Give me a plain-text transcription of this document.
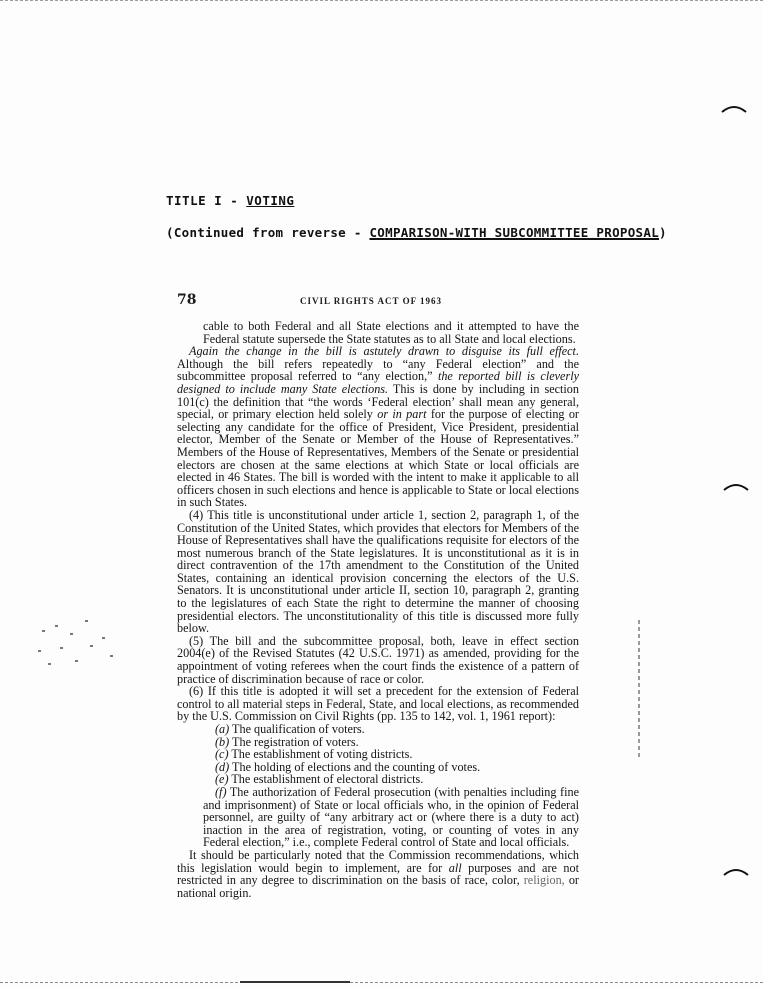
TITLE I - VOTING
(Continued from reverse - COMPARISON-WITH SUBCOMMITTEE PROPOSAL)
78	CIVIL RIGHTS ACT OF 1963

cable to both Federal and all State elections and it attempted to have the Federal statute supersede the State statutes as to all State and local elections.

Again the change in the bill is astutely drawn to disguise its full effect. Although the bill refers repeatedly to “any Federal election” and the subcommittee proposal referred to “any election,” the reported bill is cleverly designed to include many State elections. This is done by including in section 101(c) the definition that “the words ‘Federal election’ shall mean any general, special, or primary election held solely or in part for the purpose of electing or selecting any candidate for the office of President, Vice President, presidential elector, Member of the Senate or Member of the House of Representatives.” Members of the House of Representatives, Members of the Senate or presidential electors are chosen at the same elections at which State or local officials are elected in 46 States. The bill is worded with the intent to make it applicable to all officers chosen in such elections and hence is applicable to State or local elections in such States.

(4) This title is unconstitutional under article 1, section 2, paragraph 1, of the Constitution of the United States, which provides that electors for Members of the House of Representatives shall have the qualifications requisite for electors of the most numerous branch of the State legislatures. It is unconstitutional as it is in direct contravention of the 17th amendment to the Constitution of the United States, containing an identical provision concerning the electors of the U.S. Senators. It is unconstitutional under article II, section 10, paragraph 2, granting to the legislatures of each State the right to determine the manner of choosing presidential electors. The unconstitutionality of this title is discussed more fully below.

(5) The bill and the subcommittee proposal, both, leave in effect section 2004(e) of the Revised Statutes (42 U.S.C. 1971) as amended, providing for the appointment of voting referees when the court finds the existence of a pattern of practice of discrimination because of race or color.

(6) If this title is adopted it will set a precedent for the extension of Federal control to all material steps in Federal, State, and local elections, as recommended by the U.S. Commission on Civil Rights (pp. 135 to 142, vol. 1, 1961 report):

(a) The qualification of voters.

(b) The registration of voters.

(c) The establishment of voting districts.

(d) The holding of elections and the counting of votes.

(e) The establishment of electoral districts.

(f) The authorization of Federal prosecution (with penalties including fine and imprisonment) of State or local officials who, in the opinion of Federal personnel, are guilty of “any arbitrary act or (where there is a duty to act) inaction in the area of registration, voting, or counting of votes in any Federal election,” i.e., complete Federal control of State and local officials.

It should be particularly noted that the Commission recommendations, which this legislation would begin to implement, are for all purposes and are not restricted in any degree to discrimination on the basis of race, color, religion, or national origin.
